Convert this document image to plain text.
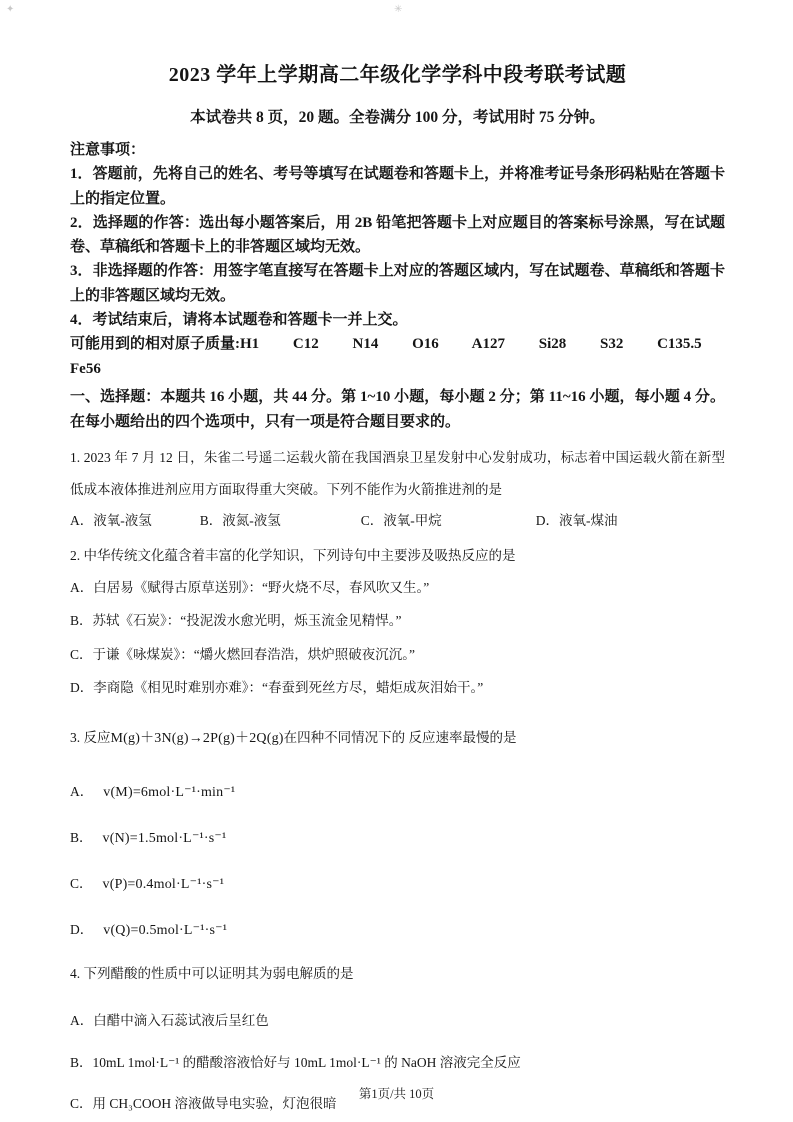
✦	✳
2023 学年上学期高二年级化学学科中段考联考试题
本试卷共 8 页，20 题。全卷满分 100 分，考试用时 75 分钟。
注意事项：

1．答题前，先将自己的姓名、考号等填写在试题卷和答题卡上，并将准考证号条形码粘贴在答题卡上的指定位置。

2．选择题的作答：选出每小题答案后，用 2B 铅笔把答题卡上对应题目的答案标号涂黑，写在试题卷、草稿纸和答题卡上的非答题区域均无效。

3．非选择题的作答：用签字笔直接写在答题卡上对应的答题区域内，写在试题卷、草稿纸和答题卡上的非答题区域均无效。

4．考试结束后，请将本试题卷和答题卡一并上交。

可能用到的相对原子质量:H1 C12 N14 O16 A127 Si28 S32 C135.5
Fe56

一、选择题：本题共 16 小题，共 44 分。第 1~10 小题，每小题 2 分；第 11~16 小题，每小题 4 分。在每小题给出的四个选项中，只有一项是符合题目要求的。

1. 2023 年 7 月 12 日，朱雀二号遥二运载火箭在我国酒泉卫星发射中心发射成功，标志着中国运载火箭在新型低成本液体推进剂应用方面取得重大突破。下列不能作为火箭推进剂的是

A．液氧-液氢	B．液氮-液氢	C．液氧-甲烷	D．液氧-煤油

2. 中华传统文化蕴含着丰富的化学知识，下列诗句中主要涉及吸热反应的是

A．白居易《赋得古原草送别》：“野火烧不尽，春风吹又生。”

B．苏轼《石炭》：“投泥泼水愈光明，烁玉流金见精悍。”

C．于谦《咏煤炭》：“爝火燃回春浩浩，烘炉照破夜沉沉。”

D．李商隐《相见时难别亦难》：“春蚕到死丝方尽，蜡炬成灰泪始干。”

3. 反应M(g)＋3N(g)→2P(g)＋2Q(g)在四种不同情况下的 反应速率最慢的是

A． v(M)=6mol·L⁻¹·min⁻¹

B． v(N)=1.5mol·L⁻¹·s⁻¹

C． v(P)=0.4mol·L⁻¹·s⁻¹

D． v(Q)=0.5mol·L⁻¹·s⁻¹

4. 下列醋酸的性质中可以证明其为弱电解质的是

A．白醋中滴入石蕊试液后呈红色

B．10mL 1mol·L⁻¹ 的醋酸溶液恰好与 10mL 1mol·L⁻¹ 的 NaOH 溶液完全反应

C．用 CH₃COOH 溶液做导电实验，灯泡很暗

第1页/共 10页
